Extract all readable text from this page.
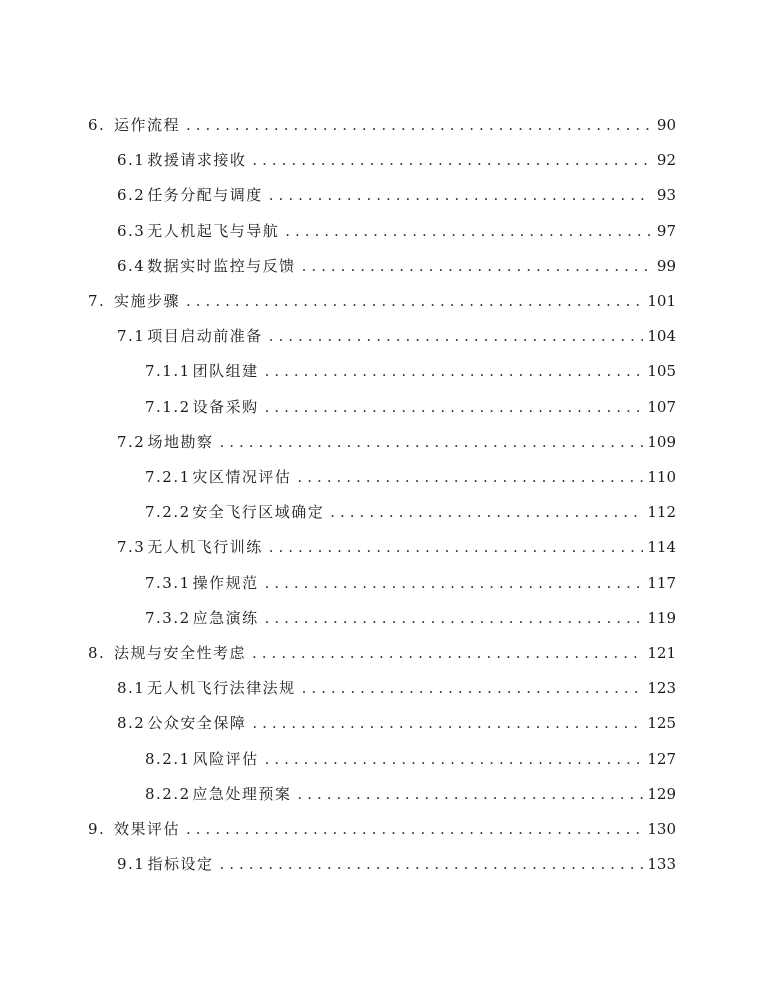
6. 运作流程 .....	90
6.1 救援请求接收 .....	92
6.2 任务分配与调度 .....	93
6.3 无人机起飞与导航 .....	97
6.4 数据实时监控与反馈 .....	99
7. 实施步骤 .....	101
7.1 项目启动前准备 .....	104
7.1.1 团队组建 .....	105
7.1.2 设备采购 .....	107
7.2 场地勘察 .....	109
7.2.1 灾区情况评估 .....	110
7.2.2 安全飞行区域确定 .....	112
7.3 无人机飞行训练 .....	114
7.3.1 操作规范 .....	117
7.3.2 应急演练 .....	119
8. 法规与安全性考虑 .....	121
8.1 无人机飞行法律法规 .....	123
8.2 公众安全保障 .....	125
8.2.1 风险评估 .....	127
8.2.2 应急处理预案 .....	129
9. 效果评估 .....	130
9.1 指标设定 .....	133
